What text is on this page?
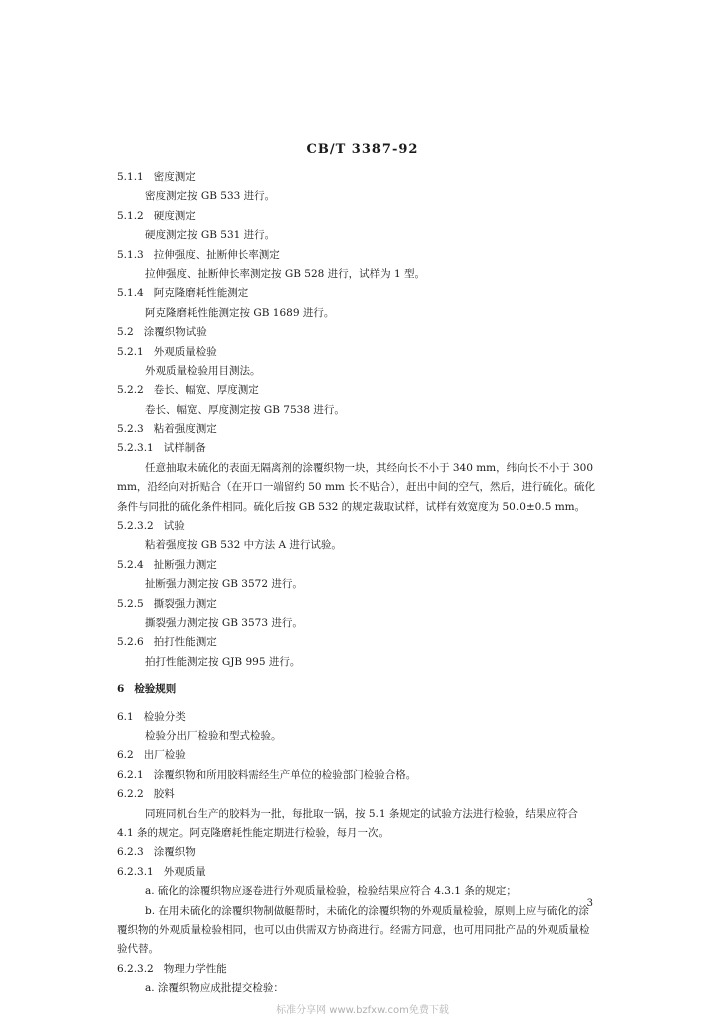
CB/T 3387-92
5.1.1 密度测定
密度测定按 GB 533 进行。
5.1.2 硬度测定
硬度测定按 GB 531 进行。
5.1.3 拉伸强度、扯断伸长率测定
拉伸强度、扯断伸长率测定按 GB 528 进行，试样为 1 型。
5.1.4 阿克隆磨耗性能测定
阿克隆磨耗性能测定按 GB 1689 进行。
5.2 涂覆织物试验
5.2.1 外观质量检验
外观质量检验用目测法。
5.2.2 卷长、幅宽、厚度测定
卷长、幅宽、厚度测定按 GB 7538 进行。
5.2.3 粘着强度测定
5.2.3.1 试样制备
任意抽取未硫化的表面无隔离剂的涂覆织物一块，其经向长不小于 340 mm，纬向长不小于 300 mm，沿经向对折贴合（在开口一端留约 50 mm 长不贴合），赶出中间的空气，然后，进行硫化。硫化条件与同批的硫化条件相同。硫化后按 GB 532 的规定裁取试样，试样有效宽度为 50.0±0.5 mm。
5.2.3.2 试验
粘着强度按 GB 532 中方法 A 进行试验。
5.2.4 扯断强力测定
扯断强力测定按 GB 3572 进行。
5.2.5 撕裂强力测定
撕裂强力测定按 GB 3573 进行。
5.2.6 拍打性能测定
拍打性能测定按 GJB 995 进行。
6 检验规则
6.1 检验分类
检验分出厂检验和型式检验。
6.2 出厂检验
6.2.1 涂覆织物和所用胶料需经生产单位的检验部门检验合格。
6.2.2 胶料
同班同机台生产的胶料为一批，每批取一锅，按 5.1 条规定的试验方法进行检验，结果应符合 4.1 条的规定。阿克隆磨耗性能定期进行检验，每月一次。
6.2.3 涂覆织物
6.2.3.1 外观质量
a. 硫化的涂覆织物应逐卷进行外观质量检验，检验结果应符合 4.3.1 条的规定；
b. 在用未硫化的涂覆织物制做艇帮时，未硫化的涂覆织物的外观质量检验，原则上应与硫化的涂覆织物的外观质量检验相同，也可以由供需双方协商进行。经需方同意，也可用同批产品的外观质量检验代替。
6.2.3.2 物理力学性能
a. 涂覆织物应成批提交检验：
3
标准分享网 www.bzfxw.com免费下载
